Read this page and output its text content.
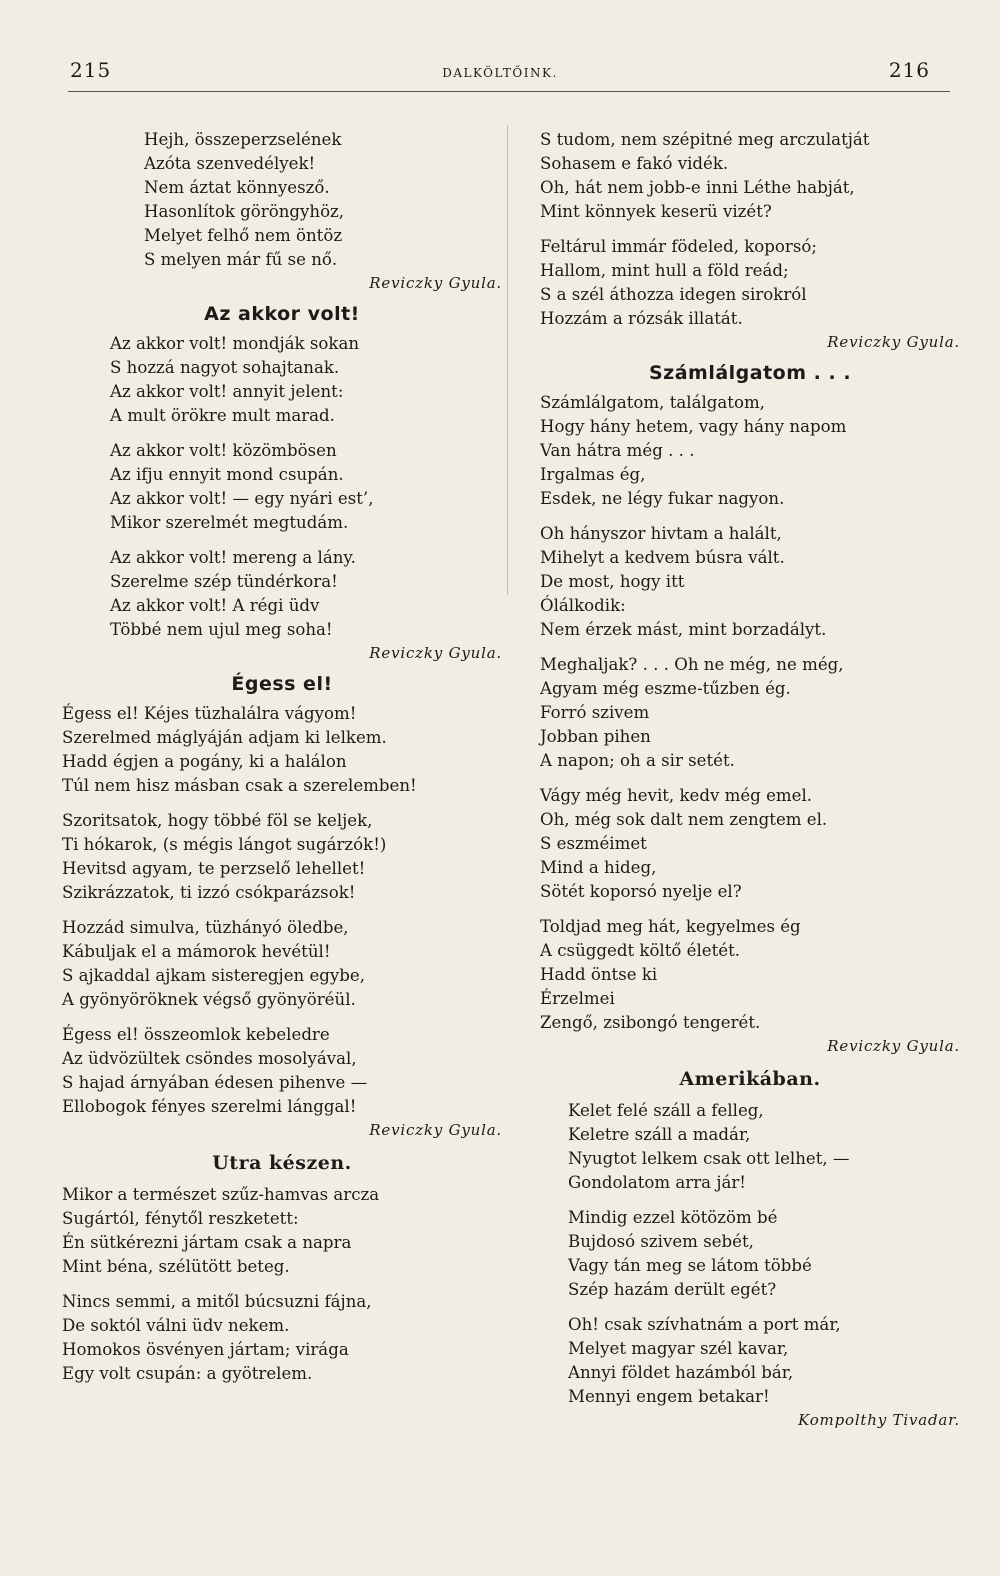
215	DALKÖLTŐINK.	216
Hejh, összeperzselének
Azóta szenvedélyek!
Nem áztat könnyesző.
Hasonlítok göröngyhöz,
Melyet felhő nem öntöz
S melyen már fű se nő.
Reviczky Gyula.
Az akkor volt!
Az akkor volt! mondják sokan
S hozzá nagyot sohajtanak.
Az akkor volt! annyit jelent:
A mult örökre mult marad.
Az akkor volt! közömbösen
Az ifju ennyit mond csupán.
Az akkor volt! — egy nyári est’,
Mikor szerelmét megtudám.
Az akkor volt! mereng a lány.
Szerelme szép tündérkora!
Az akkor volt! A régi üdv
Többé nem ujul meg soha!
Reviczky Gyula.
Égess el!
Égess el! Kéjes tüzhalálra vágyom!
Szerelmed máglyáján adjam ki lelkem.
Hadd égjen a pogány, ki a halálon
Túl nem hisz másban csak a szerelemben!
Szoritsatok, hogy többé föl se keljek,
Ti hókarok, (s mégis lángot sugárzók!)
Hevitsd agyam, te perzselő lehellet!
Szikrázzatok, ti izzó csókparázsok!
Hozzád simulva, tüzhányó öledbe,
Kábuljak el a mámorok hevétül!
S ajkaddal ajkam sisteregjen egybe,
A gyönyöröknek végső gyönyöréül.
Égess el! összeomlok kebeledre
Az üdvözültek csöndes mosolyával,
S hajad árnyában édesen pihenve —
Ellobogok fényes szerelmi lánggal!
Reviczky Gyula.
Utra készen.
Mikor a természet szűz-hamvas arcza
Sugártól, fénytől reszketett:
Én sütkérezni jártam csak a napra
Mint béna, szélütött beteg.
Nincs semmi, a mitől búcsuzni fájna,
De soktól válni üdv nekem.
Homokos ösvényen jártam; virága
Egy volt csupán: a gyötrelem.
S tudom, nem szépitné meg arczulatját
Sohasem e fakó vidék.
Oh, hát nem jobb-e inni Léthe habját,
Mint könnyek keserü vizét?
Feltárul immár födeled, koporsó;
Hallom, mint hull a föld reád;
S a szél áthozza idegen sirokról
Hozzám a rózsák illatát.
Reviczky Gyula.
Számlálgatom . . .
Számlálgatom, találgatom,
Hogy hány hetem, vagy hány napom
Van hátra még . . .
Irgalmas ég,
Esdek, ne légy fukar nagyon.
Oh hányszor hivtam a halált,
Mihelyt a kedvem búsra vált.
De most, hogy itt
Ólálkodik:
Nem érzek mást, mint borzadályt.
Meghaljak? . . . Oh ne még, ne még,
Agyam még eszme-tűzben ég.
Forró szivem
Jobban pihen
A napon; oh a sir setét.
Vágy még hevit, kedv még emel.
Oh, még sok dalt nem zengtem el.
S eszméimet
Mind a hideg,
Sötét koporsó nyelje el?
Toldjad meg hát, kegyelmes ég
A csüggedt költő életét.
Hadd öntse ki
Érzelmei
Zengő, zsibongó tengerét.
Reviczky Gyula.
Amerikában.
Kelet felé száll a felleg,
Keletre száll a madár,
Nyugtot lelkem csak ott lelhet, —
Gondolatom arra jár!
Mindig ezzel kötözöm bé
Bujdosó szivem sebét,
Vagy tán meg se látom többé
Szép hazám derült egét?
Oh! csak szívhatnám a port már,
Melyet magyar szél kavar,
Annyi földet hazámból bár,
Mennyi engem betakar!
Kompolthy Tivadar.
